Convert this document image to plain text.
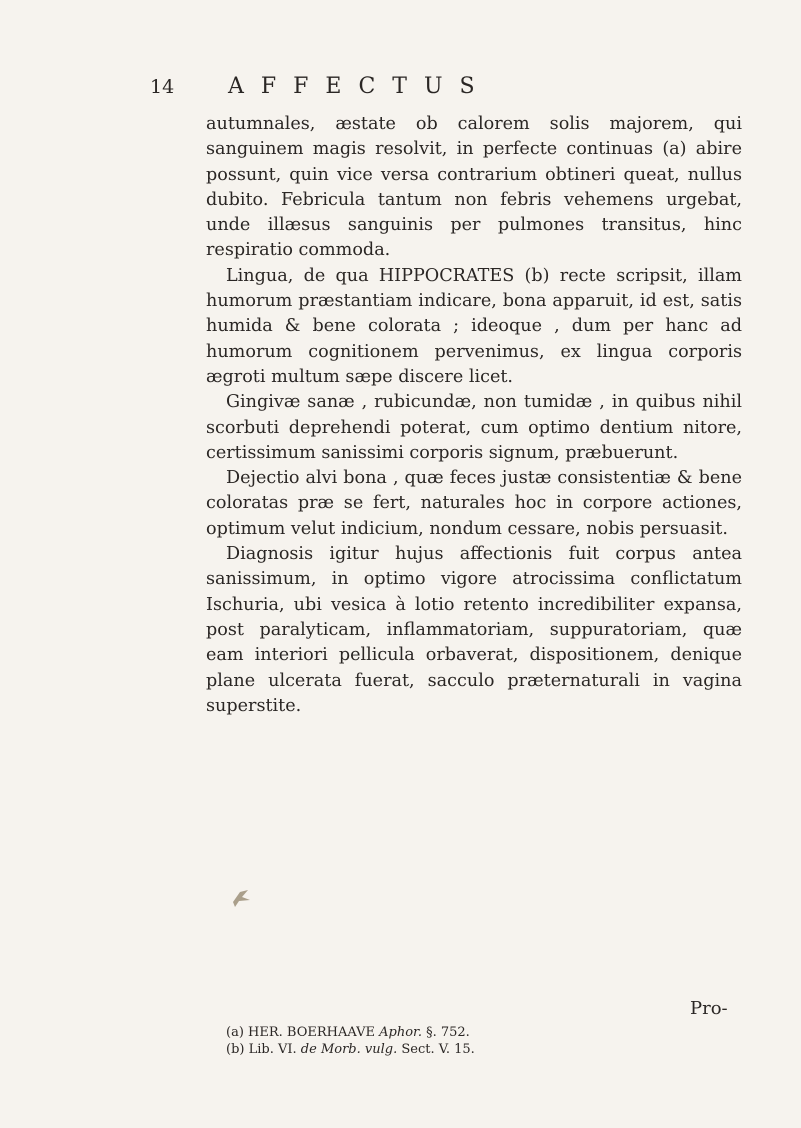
14 AFFECTUS

autumnales, æstate ob calorem solis majorem, qui sanguinem magis resolvit, in perfecte continuas (a) abire possunt, quin vice versa contrarium obtineri queat, nullus dubito. Febricula tantum non febris vehemens urgebat, unde illæsus sanguinis per pulmones transitus, hinc respiratio commoda.

Lingua, de qua HIPPOCRATES (b) recte scripsit, illam humorum præstantiam indicare, bona apparuit, id est, satis humida & bene colorata ; ideoque , dum per hanc ad humorum cognitionem pervenimus, ex lingua corporis ægroti multum sæpe discere licet.

Gingivæ sanæ , rubicundæ, non tumidæ , in quibus nihil scorbuti deprehendi poterat, cum optimo dentium nitore, certissimum sanissimi corporis signum, præbuerunt.

Dejectio alvi bona , quæ feces justæ consistentiæ & bene coloratas præ se fert, naturales hoc in corpore actiones, optimum velut indicium, nondum cessare, nobis persuasit.

Diagnosis igitur hujus affectionis fuit corpus antea sanissimum, in optimo vigore atrocissima conflictatum Ischuria, ubi vesica à lotio retento incredibiliter expansa, post paralyticam, inflammatoriam, suppuratoriam, quæ eam interiori pellicula orbaverat, dispositionem, denique plane ulcerata fuerat, sacculo præternaturali in vagina superstite.

Pro-
(a) HER. BOERHAAVE Aphor. §. 752.
(b) Lib. VI. de Morb. vulg. Sect. V. 15.
